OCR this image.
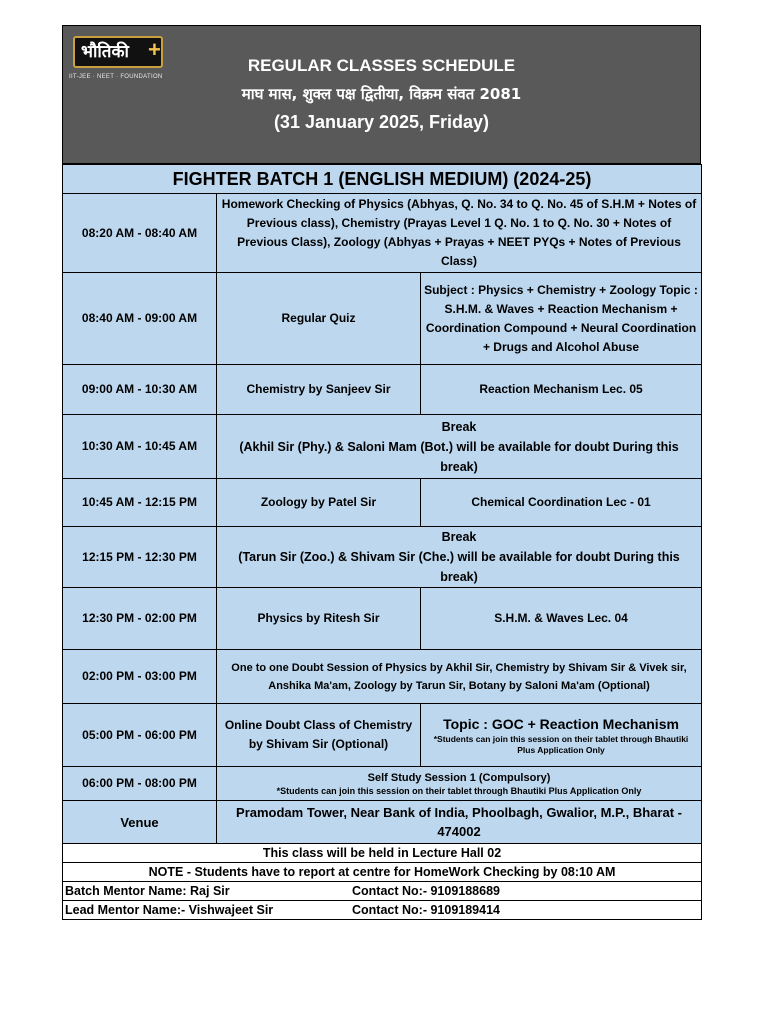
भौतिकी +
IIT-JEE · NEET · FOUNDATION
REGULAR CLASSES SCHEDULE
माघ मास, शुक्ल पक्ष द्वितीया, विक्रम संवत 2081
(31 January 2025, Friday)
FIGHTER BATCH 1 (ENGLISH MEDIUM) (2024-25)		
08:20 AM - 08:40 AM	Homework Checking of Physics (Abhyas, Q. No. 34 to Q. No. 45 of S.H.M + Notes of Previous class), Chemistry (Prayas Level 1 Q. No. 1 to Q. No. 30 + Notes of Previous Class), Zoology (Abhyas + Prayas + NEET PYQs + Notes of Previous Class)	
08:40 AM - 09:00 AM	Regular Quiz	Subject : Physics + Chemistry + Zoology Topic : S.H.M. & Waves + Reaction Mechanism + Coordination Compound + Neural Coordination + Drugs and Alcohol Abuse
09:00 AM - 10:30 AM	Chemistry by Sanjeev Sir	Reaction Mechanism Lec. 05
10:30 AM - 10:45 AM	Break
(Akhil Sir (Phy.) & Saloni Mam (Bot.) will be available for doubt During this break)	

10:45 AM - 12:15 PM	Zoology by Patel Sir	Chemical Coordination Lec - 01
12:15 PM - 12:30 PM	Break
(Tarun Sir (Zoo.) & Shivam Sir (Che.) will be available for doubt During this break)	

12:30 PM - 02:00 PM	Physics by Ritesh Sir	S.H.M. & Waves Lec. 04
02:00 PM - 03:00 PM	One to one Doubt Session of Physics by Akhil Sir, Chemistry by Shivam Sir & Vivek sir, Anshika Ma'am, Zoology by Tarun Sir, Botany by Saloni Ma'am (Optional)	
05:00 PM - 06:00 PM	Online Doubt Class of Chemistry by Shivam Sir (Optional)	Topic : GOC + Reaction Mechanism
*Students can join this session on their tablet through Bhautiki Plus Application Only

06:00 PM - 08:00 PM	Self Study Session 1 (Compulsory)
*Students can join this session on their tablet through Bhautiki Plus Application Only	

Venue	Pramodam Tower, Near Bank of India, Phoolbagh, Gwalior, M.P., Bharat - 474002	
This class will be held in Lecture Hall 02		
NOTE - Students have to report at centre for HomeWork Checking by 08:10 AM		

Batch Mentor Name: Raj Sir Contact No:- 9109188689		

Lead Mentor Name:- Vishwajeet Sir Contact No:- 9109189414		
